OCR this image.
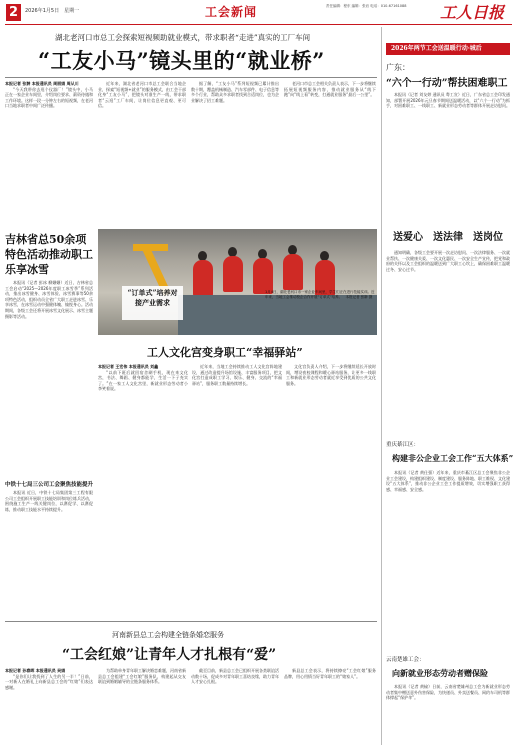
2	2026年1月5日　星期一	工会新闻	责任编辑：程东 编辑：张岩 电话：010-67161088	工人日报
湖北老河口市总工会探索短视频助就业模式，带求职者“走进”真实的工厂车间
“工友小马”镜头里的“就业桥”
本报记者 张翀 本报通讯员 周丽娟 周从川

“今天我带你去逛个仪器厂！”镜头中，小马正在一家企业车间里，介绍岗位要求、薪资待遇和工作环境。这样一段一分钟左右的短视频，在老河口当地求职者中间广泛传播。

近年来，湖北省老河口市总工会联合当地企业，探索“短视频+就业”的服务模式，由工会干部化身“工友小马”，把镜头对准生产一线，带求职者“云逛”工厂车间，让岗位信息更直观、更可信。

据了解，“工友小马”系列短视频已累计推出数十期，覆盖机械制造、汽车零部件、电子信息等多个行业，帮助众多求职者找到合适岗位，也为企业解决了招工难题。

老河口市总工会相关负责人表示，下一步将继续拓展短视频服务内容，推动就业服务从“线下跑”向“线上看”转变，打通就业服务“最后一公里”。

吉林省总50余项特色活动推动职工乐享冰雪

本报讯（记者 彭冰 柳姗姗）近日，吉林省总工会启动“2025—2026年度职工冰雪季”系列活动，推出冰雪健身、冰雪体验、冰雪赛事等50余项特色活动，组织动员全省广大职工走进冰雪、乐享冰雪，在冰雪运动中强健体魄、愉悦身心。活动期间，各级工会还将开展冰雪文化展示、冰雪主题摄影等活动。

中铁十七局三公司工会聚焦技能提升

本报讯 近日，中铁十七局集团第三工程有限公司工会组织开展职工技能培训和岗位练兵活动，围绕施工生产一线关键岗位，以赛促学、以赛促练，推动职工技能水平持续提升。

“订单式”培养对接产业需求
1月4日，湖北老河口市一家企业车间里，学生们正在进行技能实训。近年来，当地工会推动校企合作开展“订单式”培养。　本报记者 张翀 摄
工人文化宫变身职工“幸福驿站”
本报记者 王宏伟 本报通讯员 刘鑫

“以前下班后就回宿舍刷手机，现在来文化宫，书法、舞蹈、健身都能学，生活一下子充实了。”在一家工人文化宫里，新就业形态劳动者小李笑着说。

近年来，当地工会持续推动工人文化宫阵地建设，通过改造提升场馆设施、丰富服务项目，把文化宫打造成职工学习、娱乐、健身、交流的“幸福驿站”，服务职工数量持续增长。

文化宫负责人介绍，下一步将继续延长开放时间，增设夜校课程和暖心驿站服务，让更多一线职工和新就业形态劳动者就近享受到优质的公共文化服务。

河南新县总工会构建全链条婚恋服务
“工会红娘”让青年人才扎根有“爱”
本报记者 孙春晖 本报通讯员 吴娟

“是你们让我找到了人生的另一半！”日前，一对新人在婚礼上向新县总工会的“红娘”们表达感谢。

为帮助单身青年职工解决婚恋难题，河南省新县总工会组建“工会红娘”服务队，构建起从交友联谊到婚姻辅导的全链条服务体系。

截至目前，新县总工会已组织开展各类联谊活动数十场，促成多对青年职工喜结良缘，助力青年人才安心扎根。

新县总工会表示，将持续擦亮“工会红娘”服务品牌，用心用情当好青年职工的“娘家人”。

2026年两节工会送温暖行动·城后
广东：
“六个一行动”帮扶困难职工

本报讯（记者 刘友婷 通讯员 粤工宣）近日，广东省总工会印发通知，部署开展2026年元旦春节期间送温暖活动，以“六个一行动”为抓手，对困难职工、一线职工、新就业形态劳动者等群体开展走访慰问。

送爱心　送法律　送岗位

通知明确，各级工会要开展一次走访慰问、一次法律服务、一次就业帮扶、一次健康关爱、一次文化惠民、一次安全生产宣传，把党和政府的关怀以及工会组织的温暖送到广大职工心坎上，确保困难职工温暖过冬、安心过节。

重庆綦江区：
构建非公企业工会工作“五大体系”

本报讯（记者 黄仕强）近年来，重庆市綦江区总工会聚焦非公企业工会建设，构建组织建设、制度建设、服务阵地、职工维权、文化建设“五大体系”，推动非公企业工会工作提质增效，切实增强职工获得感、幸福感、安全感。

云南楚雄工会：
向新就业形态劳动者赠保险

本报讯（记者 黄榆）日前，云南省楚雄州总工会为新就业形态劳动者集中赠送意外伤害保险，为快递员、外卖送餐员、网约车司机等群体撑起“保护伞”。
